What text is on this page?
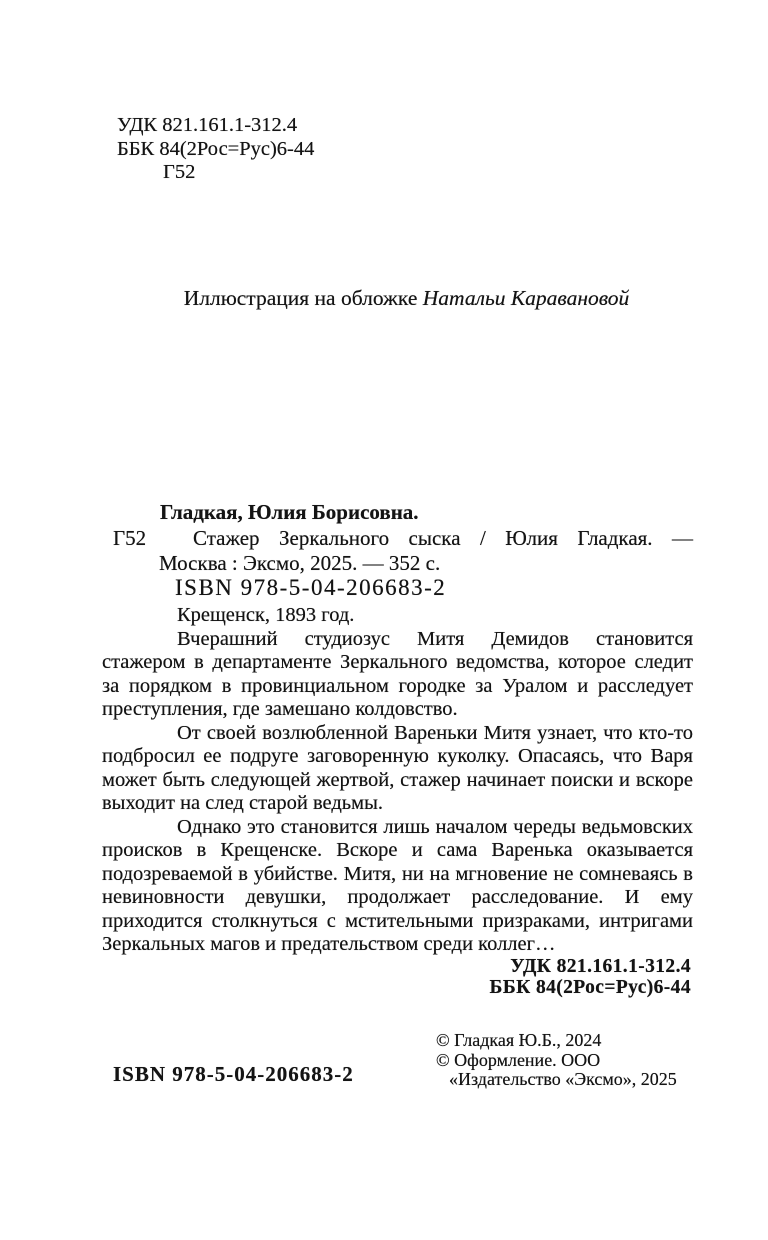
УДК 821.161.1-312.4
ББК 84(2Рос=Рус)6-44
Г52
Иллюстрация на обложке Натальи Каравановой
Гладкая, Юлия Борисовна.
Г52 Стажер Зеркального сыска / Юлия Гладкая. —
Москва : Эксмо, 2025. — 352 с.
ISBN 978-5-04-206683-2

Крещенск, 1893 год.

Вчерашний студиозус Митя Демидов становится стажером в департаменте Зеркального ведомства, которое следит за порядком в провинциальном городке за Уралом и расследует преступления, где замешано колдовство.

От своей возлюбленной Вареньки Митя узнает, что кто-то подбросил ее подруге заговоренную куколку. Опасаясь, что Варя может быть следующей жертвой, стажер начинает поиски и вскоре выходит на след старой ведьмы.

Однако это становится лишь началом череды ведьмовских происков в Крещенске. Вскоре и сама Варенька оказывается подозреваемой в убийстве. Митя, ни на мгновение не сомневаясь в невиновности девушки, продолжает расследование. И ему приходится столкнуться с мстительными призраками, интригами Зеркальных магов и предательством среди коллег…

УДК 821.161.1-312.4
ББК 84(2Рос=Рус)6-44
© Гладкая Ю.Б., 2024
© Оформление. ООО
«Издательство «Эксмо», 2025
ISBN 978-5-04-206683-2
